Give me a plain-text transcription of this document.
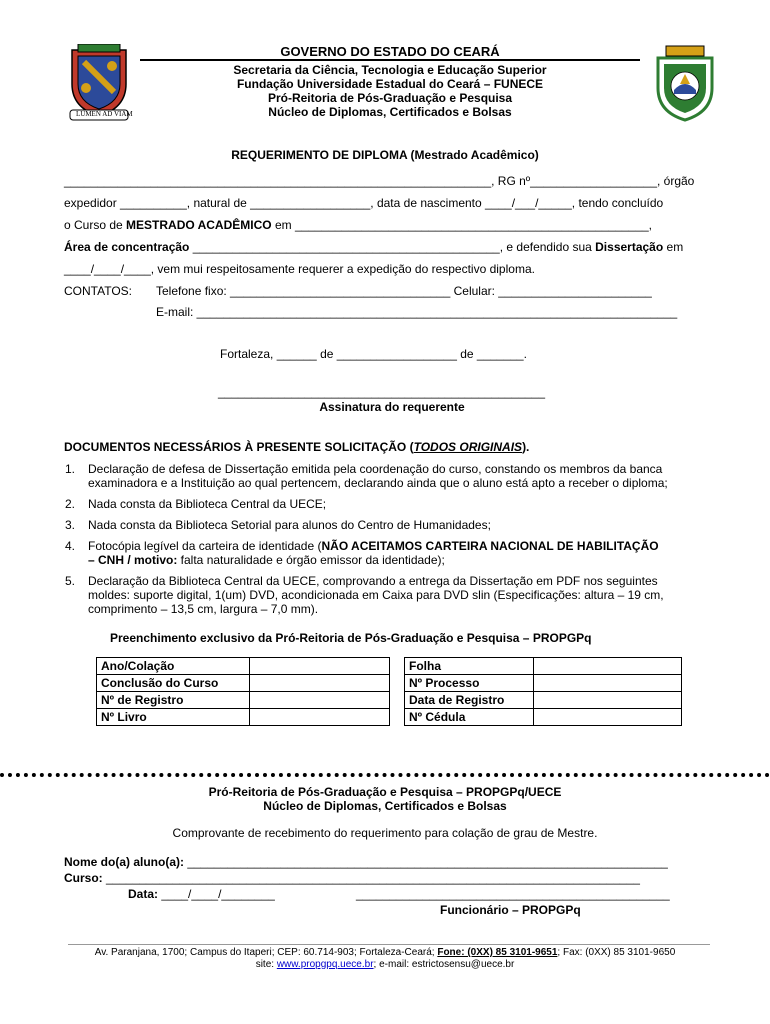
LUMEN AD VIAM
GOVERNO DO ESTADO DO CEARÁ
Secretaria da Ciência, Tecnologia e Educação Superior
Fundação Universidade Estadual do Ceará – FUNECE
Pró-Reitoria de Pós-Graduação e Pesquisa
Núcleo de Diplomas, Certificados e Bolsas
REQUERIMENTO DE DIPLOMA (Mestrado Acadêmico)
________________________________________________________________, RG nº___________________, órgão
expedidor __________, natural de __________________, data de nascimento ____/___/_____, tendo concluído
o Curso de MESTRADO ACADÊMICO em _____________________________________________________,
Área de concentração ______________________________________________, e defendido sua Dissertação em
____/____/____, vem mui respeitosamente requerer a expedição do respectivo diploma.
CONTATOS: Telefone fixo: _________________________________ Celular: _______________________
E-mail: ________________________________________________________________________
Fortaleza, ______ de __________________ de _______.
_________________________________________________
Assinatura do requerente
DOCUMENTOS NECESSÁRIOS À PRESENTE SOLICITAÇÃO (TODOS ORIGINAIS).
1. Declaração de defesa de Dissertação emitida pela coordenação do curso, constando os membros da banca
examinadora e a Instituição ao qual pertencem, declarando ainda que o aluno está apto a receber o diploma;
2. Nada consta da Biblioteca Central da UECE;
3. Nada consta da Biblioteca Setorial para alunos do Centro de Humanidades;
4. Fotocópia legível da carteira de identidade (NÃO ACEITAMOS CARTEIRA NACIONAL DE HABILITAÇÃO
– CNH / motivo: falta naturalidade e órgão emissor da identidade);
5. Declaração da Biblioteca Central da UECE, comprovando a entrega da Dissertação em PDF nos seguintes
moldes: suporte digital, 1(um) DVD, acondicionada em Caixa para DVD slin (Especificações: altura – 19 cm,
comprimento – 13,5 cm, largura – 7,0 mm).
Preenchimento exclusivo da Pró-Reitoria de Pós-Graduação e Pesquisa – PROPGPq
Ano/Colação	
Conclusão do Curso	
Nº de Registro	
Nº Livro	
Folha	
Nº Processo	
Data de Registro	
Nº Cédula	
Pró-Reitoria de Pós-Graduação e Pesquisa – PROPGPq/UECE
Núcleo de Diplomas, Certificados e Bolsas
Comprovante de recebimento do requerimento para colação de grau de Mestre.
Nome do(a) aluno(a): ________________________________________________________________________
Curso: ________________________________________________________________________________
Data: ____/____/________	_______________________________________________
Funcionário – PROPGPq
Av. Paranjana, 1700; Campus do Itaperi; CEP: 60.714-903; Fortaleza-Ceará; Fone: (0XX) 85 3101-9651; Fax: (0XX) 85 3101-9650
site: www.propgpq.uece.br; e-mail: estrictosensu@uece.br
